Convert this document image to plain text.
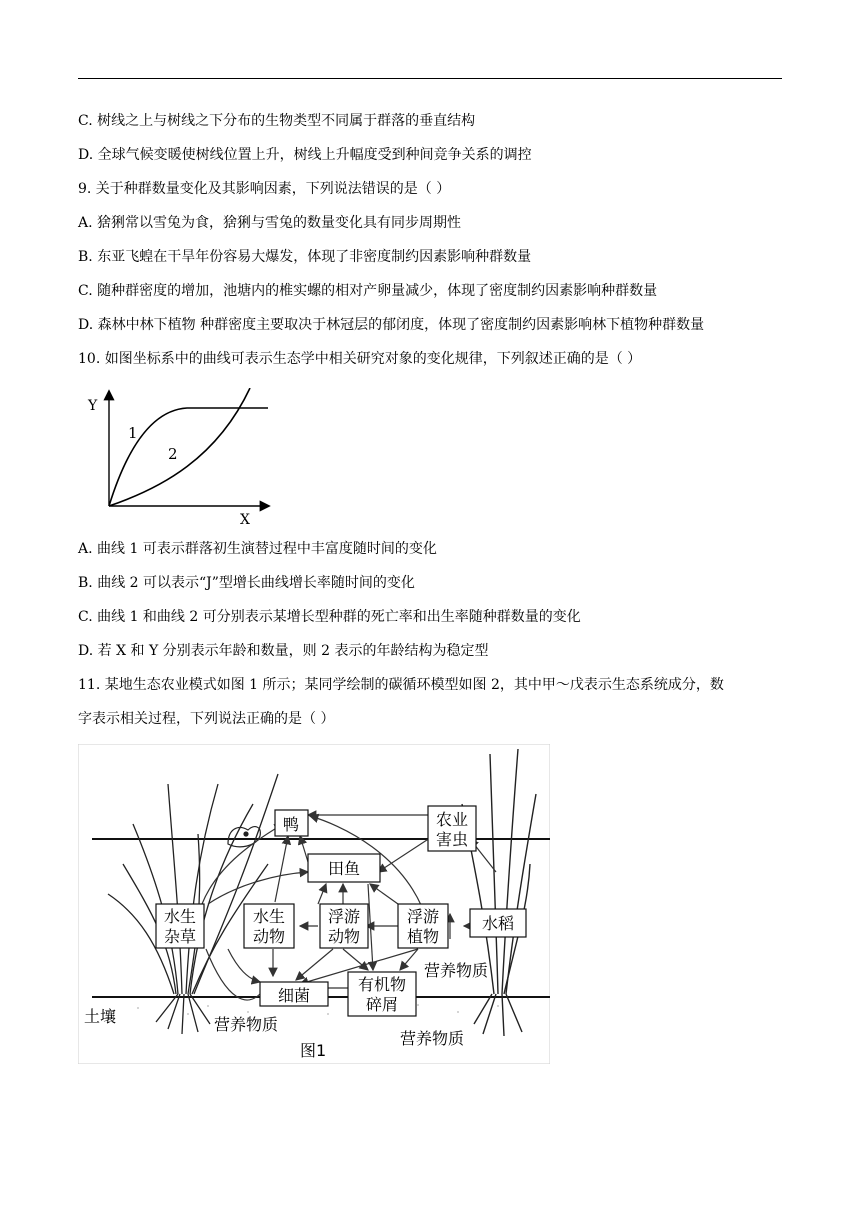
C. 树线之上与树线之下分布的生物类型不同属于群落的垂直结构
D. 全球气候变暖使树线位置上升，树线上升幅度受到种间竞争关系的调控
9. 关于种群数量变化及其影响因素，下列说法错误的是（ ）
A. 猞猁常以雪兔为食，猞猁与雪兔的数量变化具有同步周期性
B. 东亚飞蝗在干旱年份容易大爆发，体现了非密度制约因素影响种群数量
C. 随种群密度的增加，池塘内的椎实螺的相对产卵量减少，体现了密度制约因素影响种群数量
D. 森林中林下植物 种群密度主要取决于林冠层的郁闭度，体现了密度制约因素影响林下植物种群数量
10. 如图坐标系中的曲线可表示生态学中相关研究对象的变化规律，下列叙述正确的是（ ）
Y
X
1
2
A. 曲线 1 可表示群落初生演替过程中丰富度随时间的变化
B. 曲线 2 可以表示“J”型增长曲线增长率随时间的变化
C. 曲线 1 和曲线 2 可分别表示某增长型种群的死亡率和出生率随种群数量的变化
D. 若 X 和 Y 分别表示年龄和数量，则 2 表示的年龄结构为稳定型
11. 某地生态农业模式如图 1 所示；某同学绘制的碳循环模型如图 2，其中甲～戊表示生态系统成分，数
字表示相关过程，下列说法正确的是（ ）
鸭	农业
害虫
田鱼
水生
杂草
水生
动物
浮游
动物
浮游
植物
水稻
细菌
有机物
碎屑
营养物质
营养物质
营养物质
土壤
图1
